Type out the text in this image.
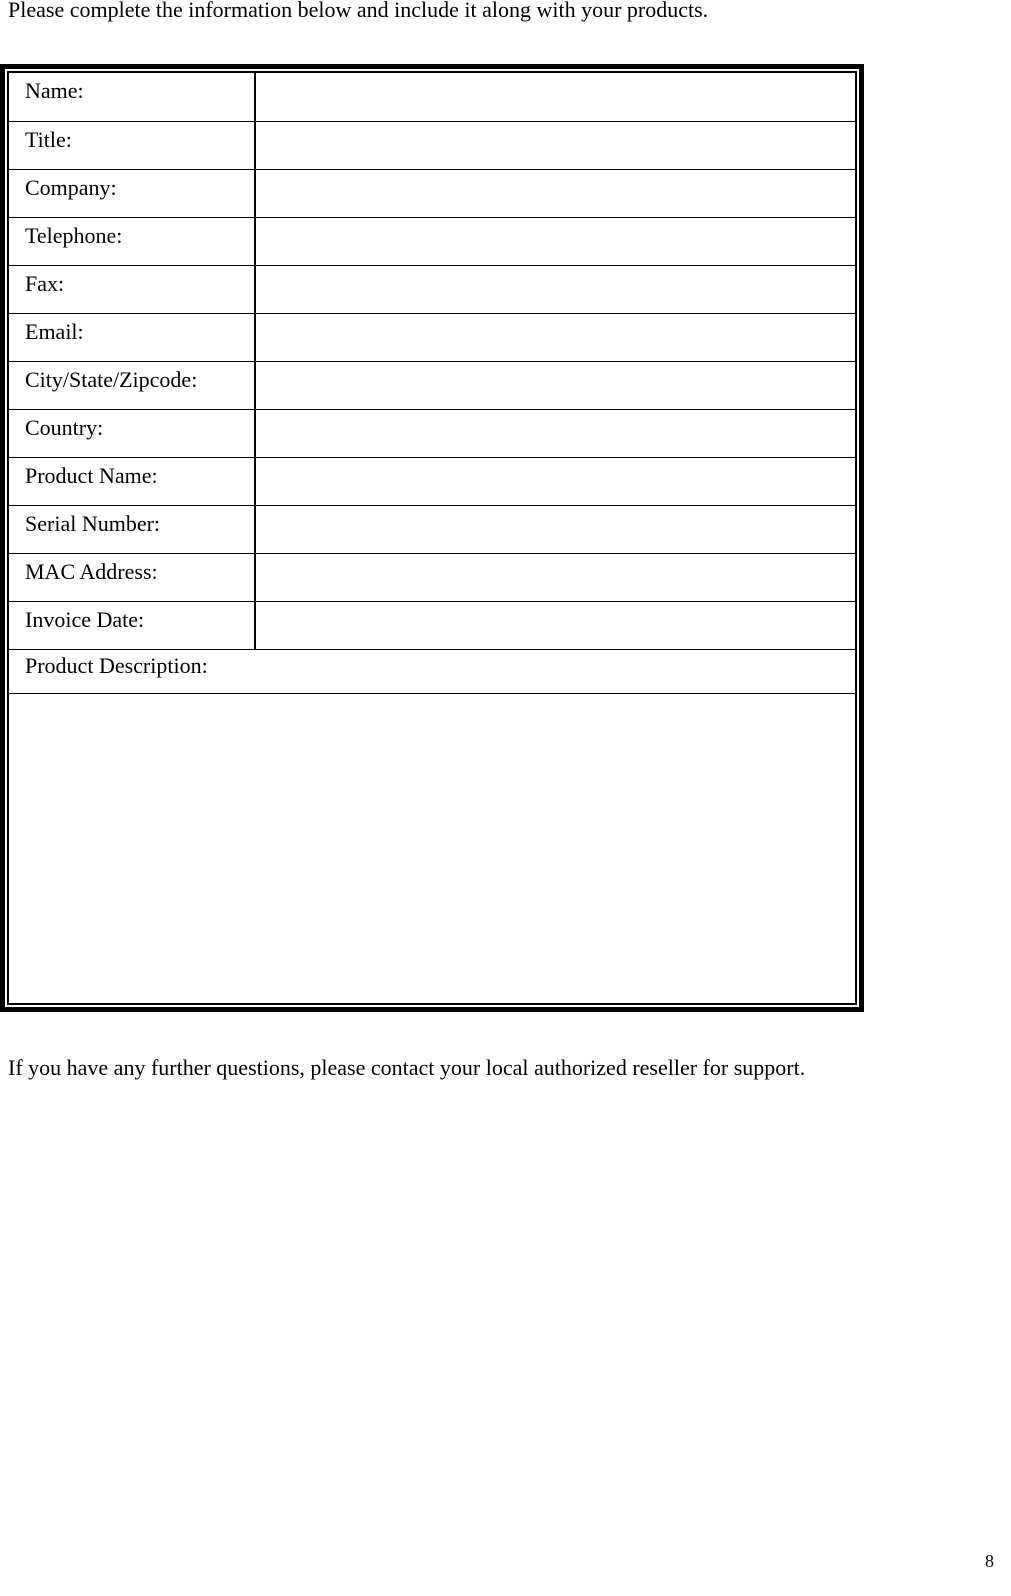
Please complete the information below and include it along with your products.
Name:	
Title:	
Company:	
Telephone:	
Fax:	
Email:	
City/State/Zipcode:	
Country:	
Product Name:	
Serial Number:	
MAC Address:	
Invoice Date:	
Product Description:
If you have any further questions, please contact your local authorized reseller for support.
8
